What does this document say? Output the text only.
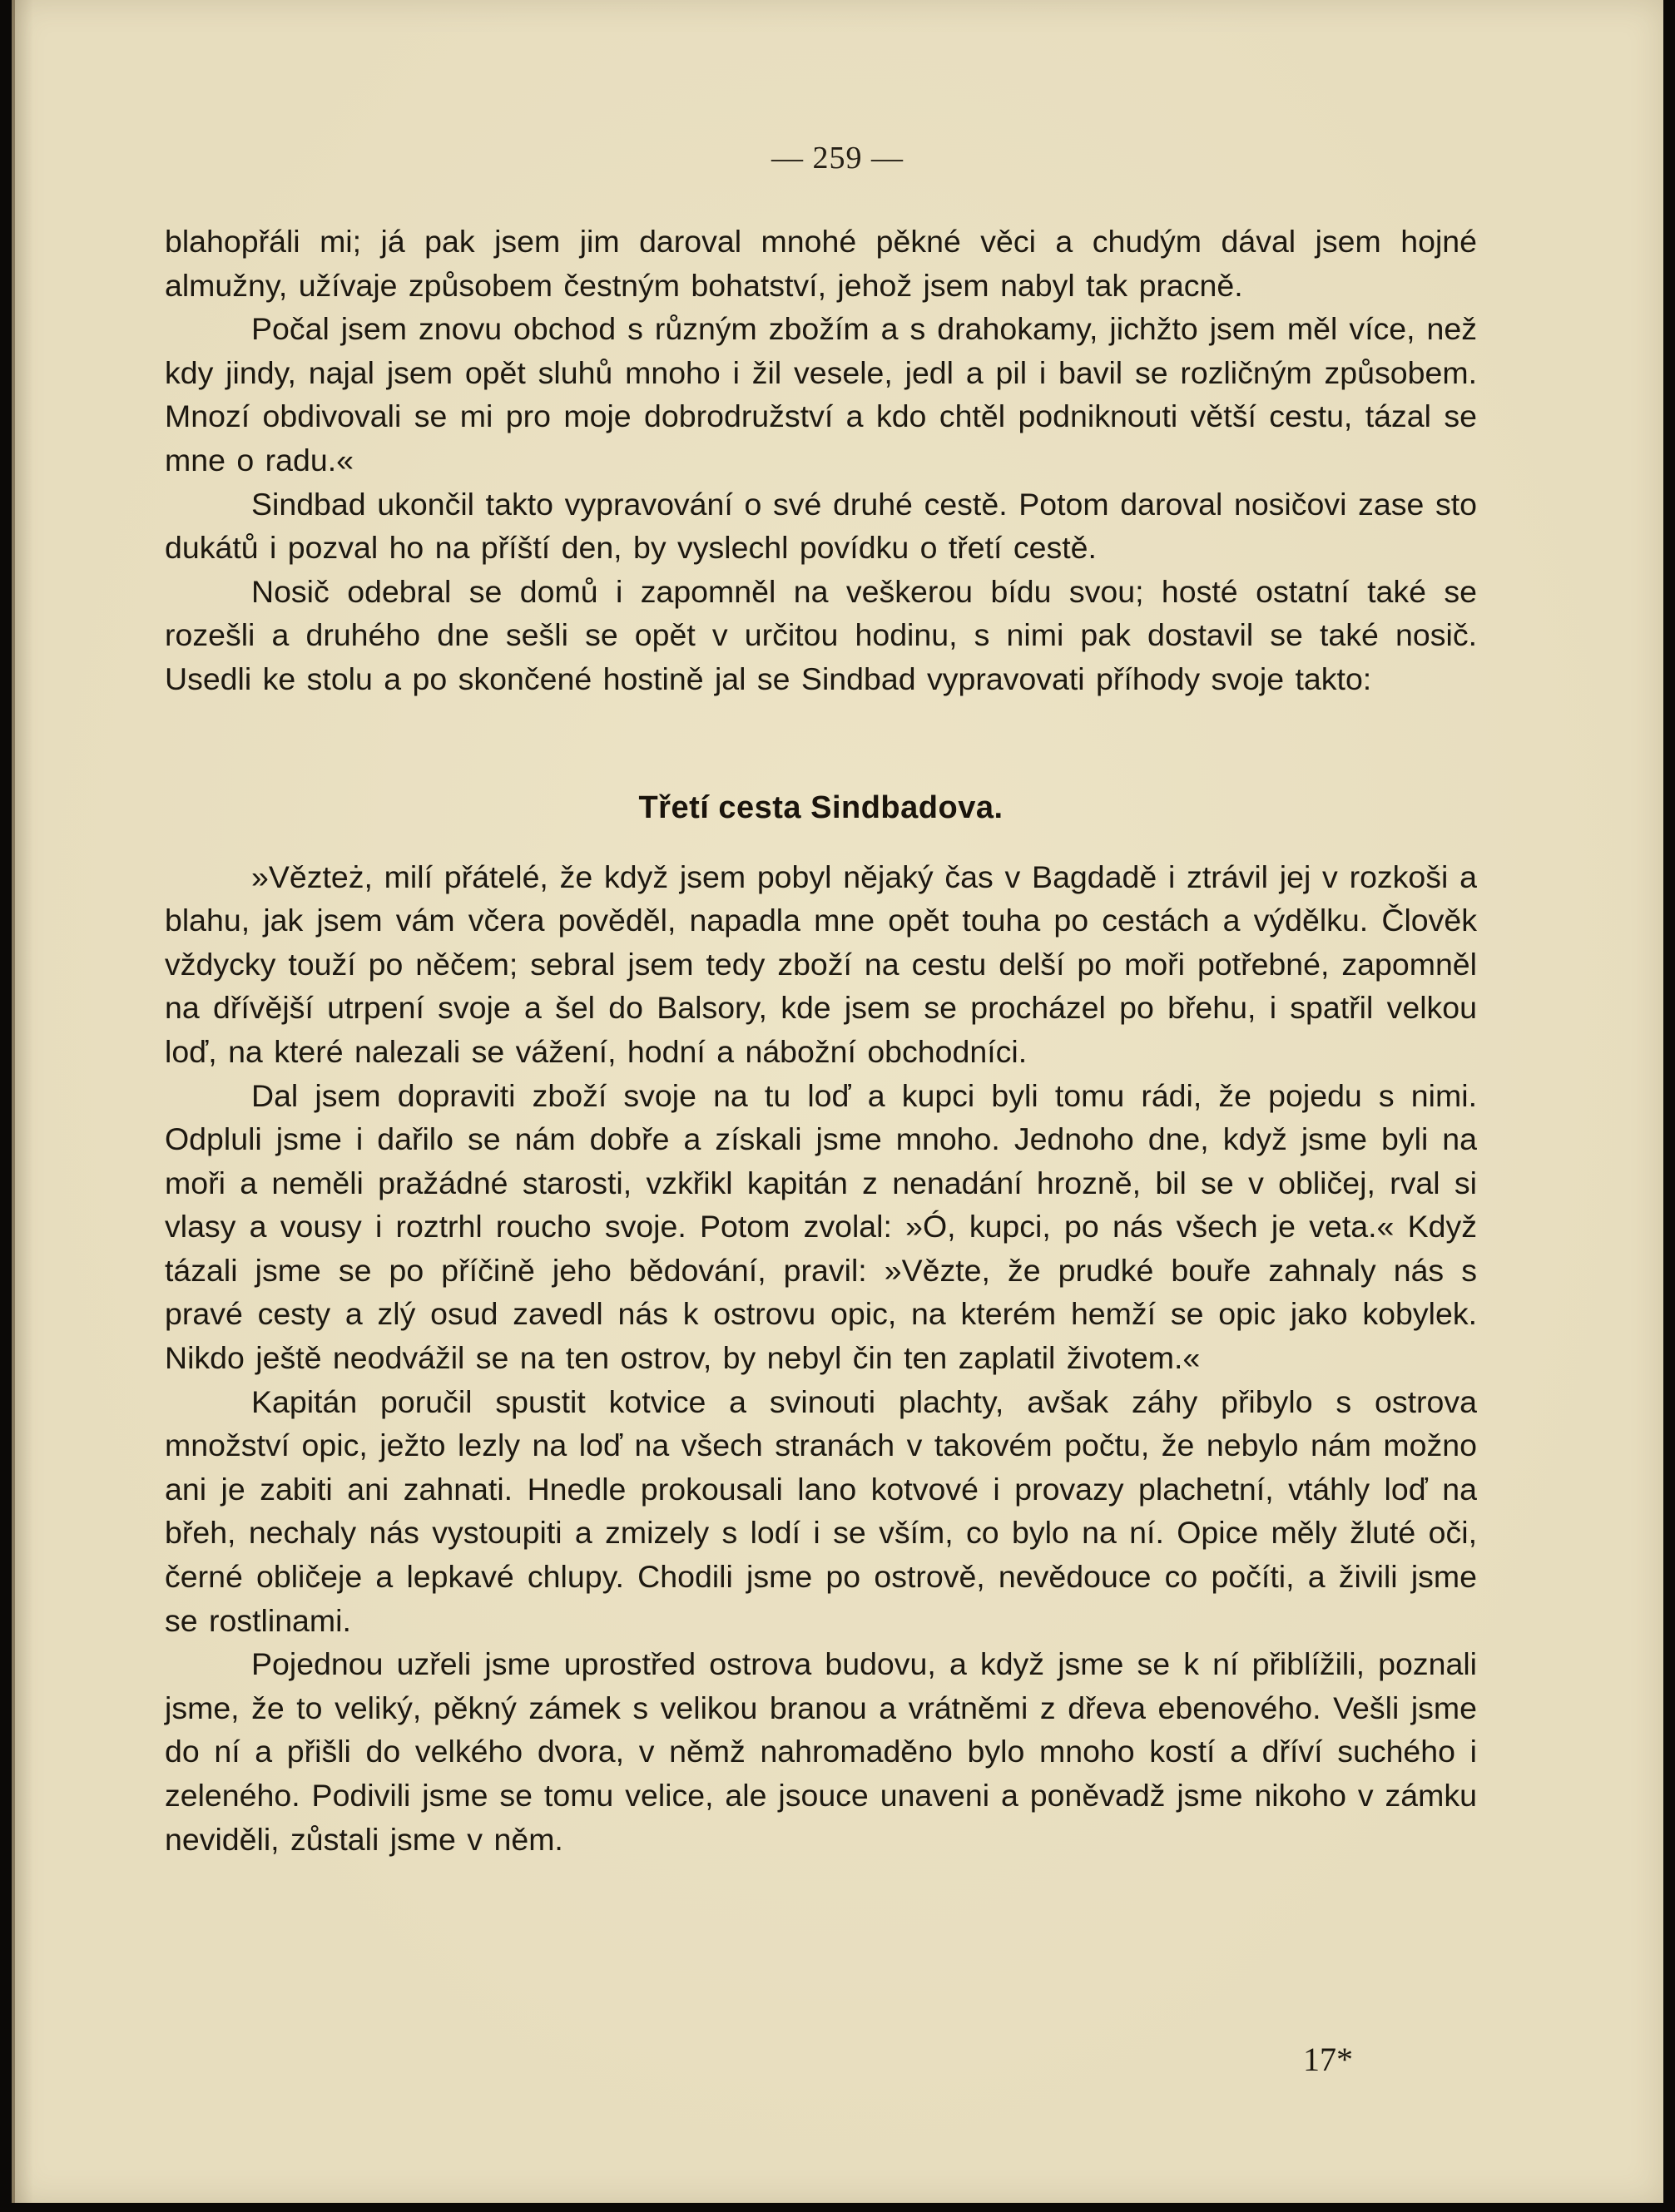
— 259 —

blahopřáli mi; já pak jsem jim daroval mnohé pěkné věci a chudým dával jsem hojné almužny, užívaje způsobem čestným bohatství, jehož jsem nabyl tak pracně.

Počal jsem znovu obchod s různým zbožím a s drahokamy, jichžto jsem měl více, než kdy jindy, najal jsem opět sluhů mnoho i žil vesele, jedl a pil i bavil se rozličným způsobem. Mnozí obdivovali se mi pro moje dobrodružství a kdo chtěl podniknouti větší cestu, tázal se mne o radu.«

Sindbad ukončil takto vypravování o své druhé cestě. Potom daroval nosičovi zase sto dukátů i pozval ho na příští den, by vyslechl povídku o třetí cestě.

Nosič odebral se domů i zapomněl na veškerou bídu svou; hosté ostatní také se rozešli a druhého dne sešli se opět v určitou hodinu, s nimi pak dostavil se také nosič. Usedli ke stolu a po skončené hostině jal se Sindbad vypravovati příhody svoje takto:

Třetí cesta Sindbadova.

»Vězteż, milí přátelé, že když jsem pobyl nějaký čas v Bagdadě i ztrávil jej v rozkoši a blahu, jak jsem vám včera pověděl, napadla mne opět touha po cestách a výdělku. Člověk vždycky touží po něčem; sebral jsem tedy zboží na cestu delší po moři potřebné, zapomněl na dřívější utrpení svoje a šel do Balsory, kde jsem se procházel po břehu, i spatřil velkou loď, na které nalezali se vážení, hodní a nábožní obchodníci.

Dal jsem dopraviti zboží svoje na tu loď a kupci byli tomu rádi, že pojedu s nimi. Odpluli jsme i dařilo se nám dobře a získali jsme mnoho. Jednoho dne, když jsme byli na moři a neměli pražádné starosti, vzkřikl kapitán z nenadání hrozně, bil se v obličej, rval si vlasy a vousy i roztrhl roucho svoje. Potom zvolal: »Ó, kupci, po nás všech je veta.« Když tázali jsme se po příčině jeho bědování, pravil: »Vězte, že prudké bouře zahnaly nás s pravé cesty a zlý osud zavedl nás k ostrovu opic, na kterém hemží se opic jako kobylek. Nikdo ještě neodvážil se na ten ostrov, by nebyl čin ten zaplatil životem.«

Kapitán poručil spustit kotvice a svinouti plachty, avšak záhy přibylo s ostrova množství opic, ježto lezly na loď na všech stranách v takovém počtu, že nebylo nám možno ani je zabiti ani zahnati. Hnedle prokousali lano kotvové i provazy plachetní, vtáhly loď na břeh, nechaly nás vystoupiti a zmizely s lodí i se vším, co bylo na ní. Opice měly žluté oči, černé obličeje a lepkavé chlupy. Chodili jsme po ostrově, nevědouce co počíti, a živili jsme se rostlinami.

Pojednou uzřeli jsme uprostřed ostrova budovu, a když jsme se k ní přiblížili, poznali jsme, že to veliký, pěkný zámek s velikou branou a vrátněmi z dřeva ebenového. Vešli jsme do ní a přišli do velkého dvora, v němž nahromaděno bylo mnoho kostí a dříví suchého i zeleného. Podivili jsme se tomu velice, ale jsouce unaveni a poněvadž jsme nikoho v zámku neviděli, zůstali jsme v něm.

17*
